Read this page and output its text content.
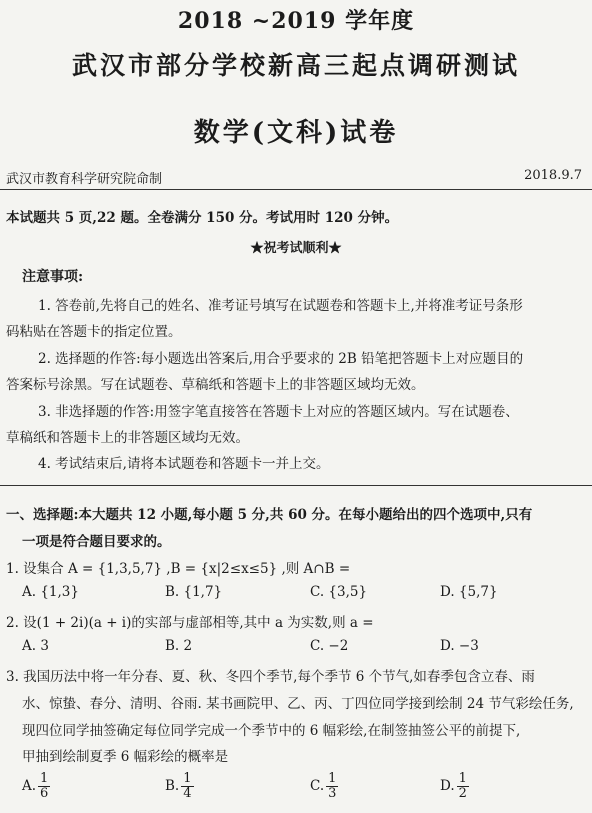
2018 ~2019 学年度
武汉市部分学校新高三起点调研测试
数学(文科)试卷
武汉市教育科学研究院命制	2018.9.7
本试题共 5 页,22 题。全卷满分 150 分。考试用时 120 分钟。
★祝考试顺利★
注意事项:
1. 答卷前,先将自己的姓名、准考证号填写在试题卷和答题卡上,并将准考证号条形
码粘贴在答题卡的指定位置。
2. 选择题的作答:每小题选出答案后,用合乎要求的 2B 铅笔把答题卡上对应题目的
答案标号涂黑。写在试题卷、草稿纸和答题卡上的非答题区域均无效。
3. 非选择题的作答:用签字笔直接答在答题卡上对应的答题区域内。写在试题卷、
草稿纸和答题卡上的非答题区域均无效。
4. 考试结束后,请将本试题卷和答题卡一并上交。
一、选择题:本大题共 12 小题,每小题 5 分,共 60 分。在每小题给出的四个选项中,只有
一项是符合题目要求的。
1. 设集合 A = {1,3,5,7} ,B = {x|2≤x≤5} ,则 A∩B =
A. {1,3}	B. {1,7}	C. {3,5}	D. {5,7}
2. 设(1 + 2i)(a + i)的实部与虚部相等,其中 a 为实数,则 a =
A. 3	B. 2	C. −2	D. −3
3. 我国历法中将一年分春、夏、秋、冬四个季节,每个季节 6 个节气,如春季包含立春、雨
水、惊蛰、春分、清明、谷雨. 某书画院甲、乙、丙、丁四位同学接到绘制 24 节气彩绘任务,
现四位同学抽签确定每位同学完成一个季节中的 6 幅彩绘,在制签抽签公平的前提下,
甲抽到绘制夏季 6 幅彩绘的概率是
A. $\frac{1}{6}$	B. $\frac{1}{4}$	C. $\frac{1}{3}$	D. $\frac{1}{2}$
